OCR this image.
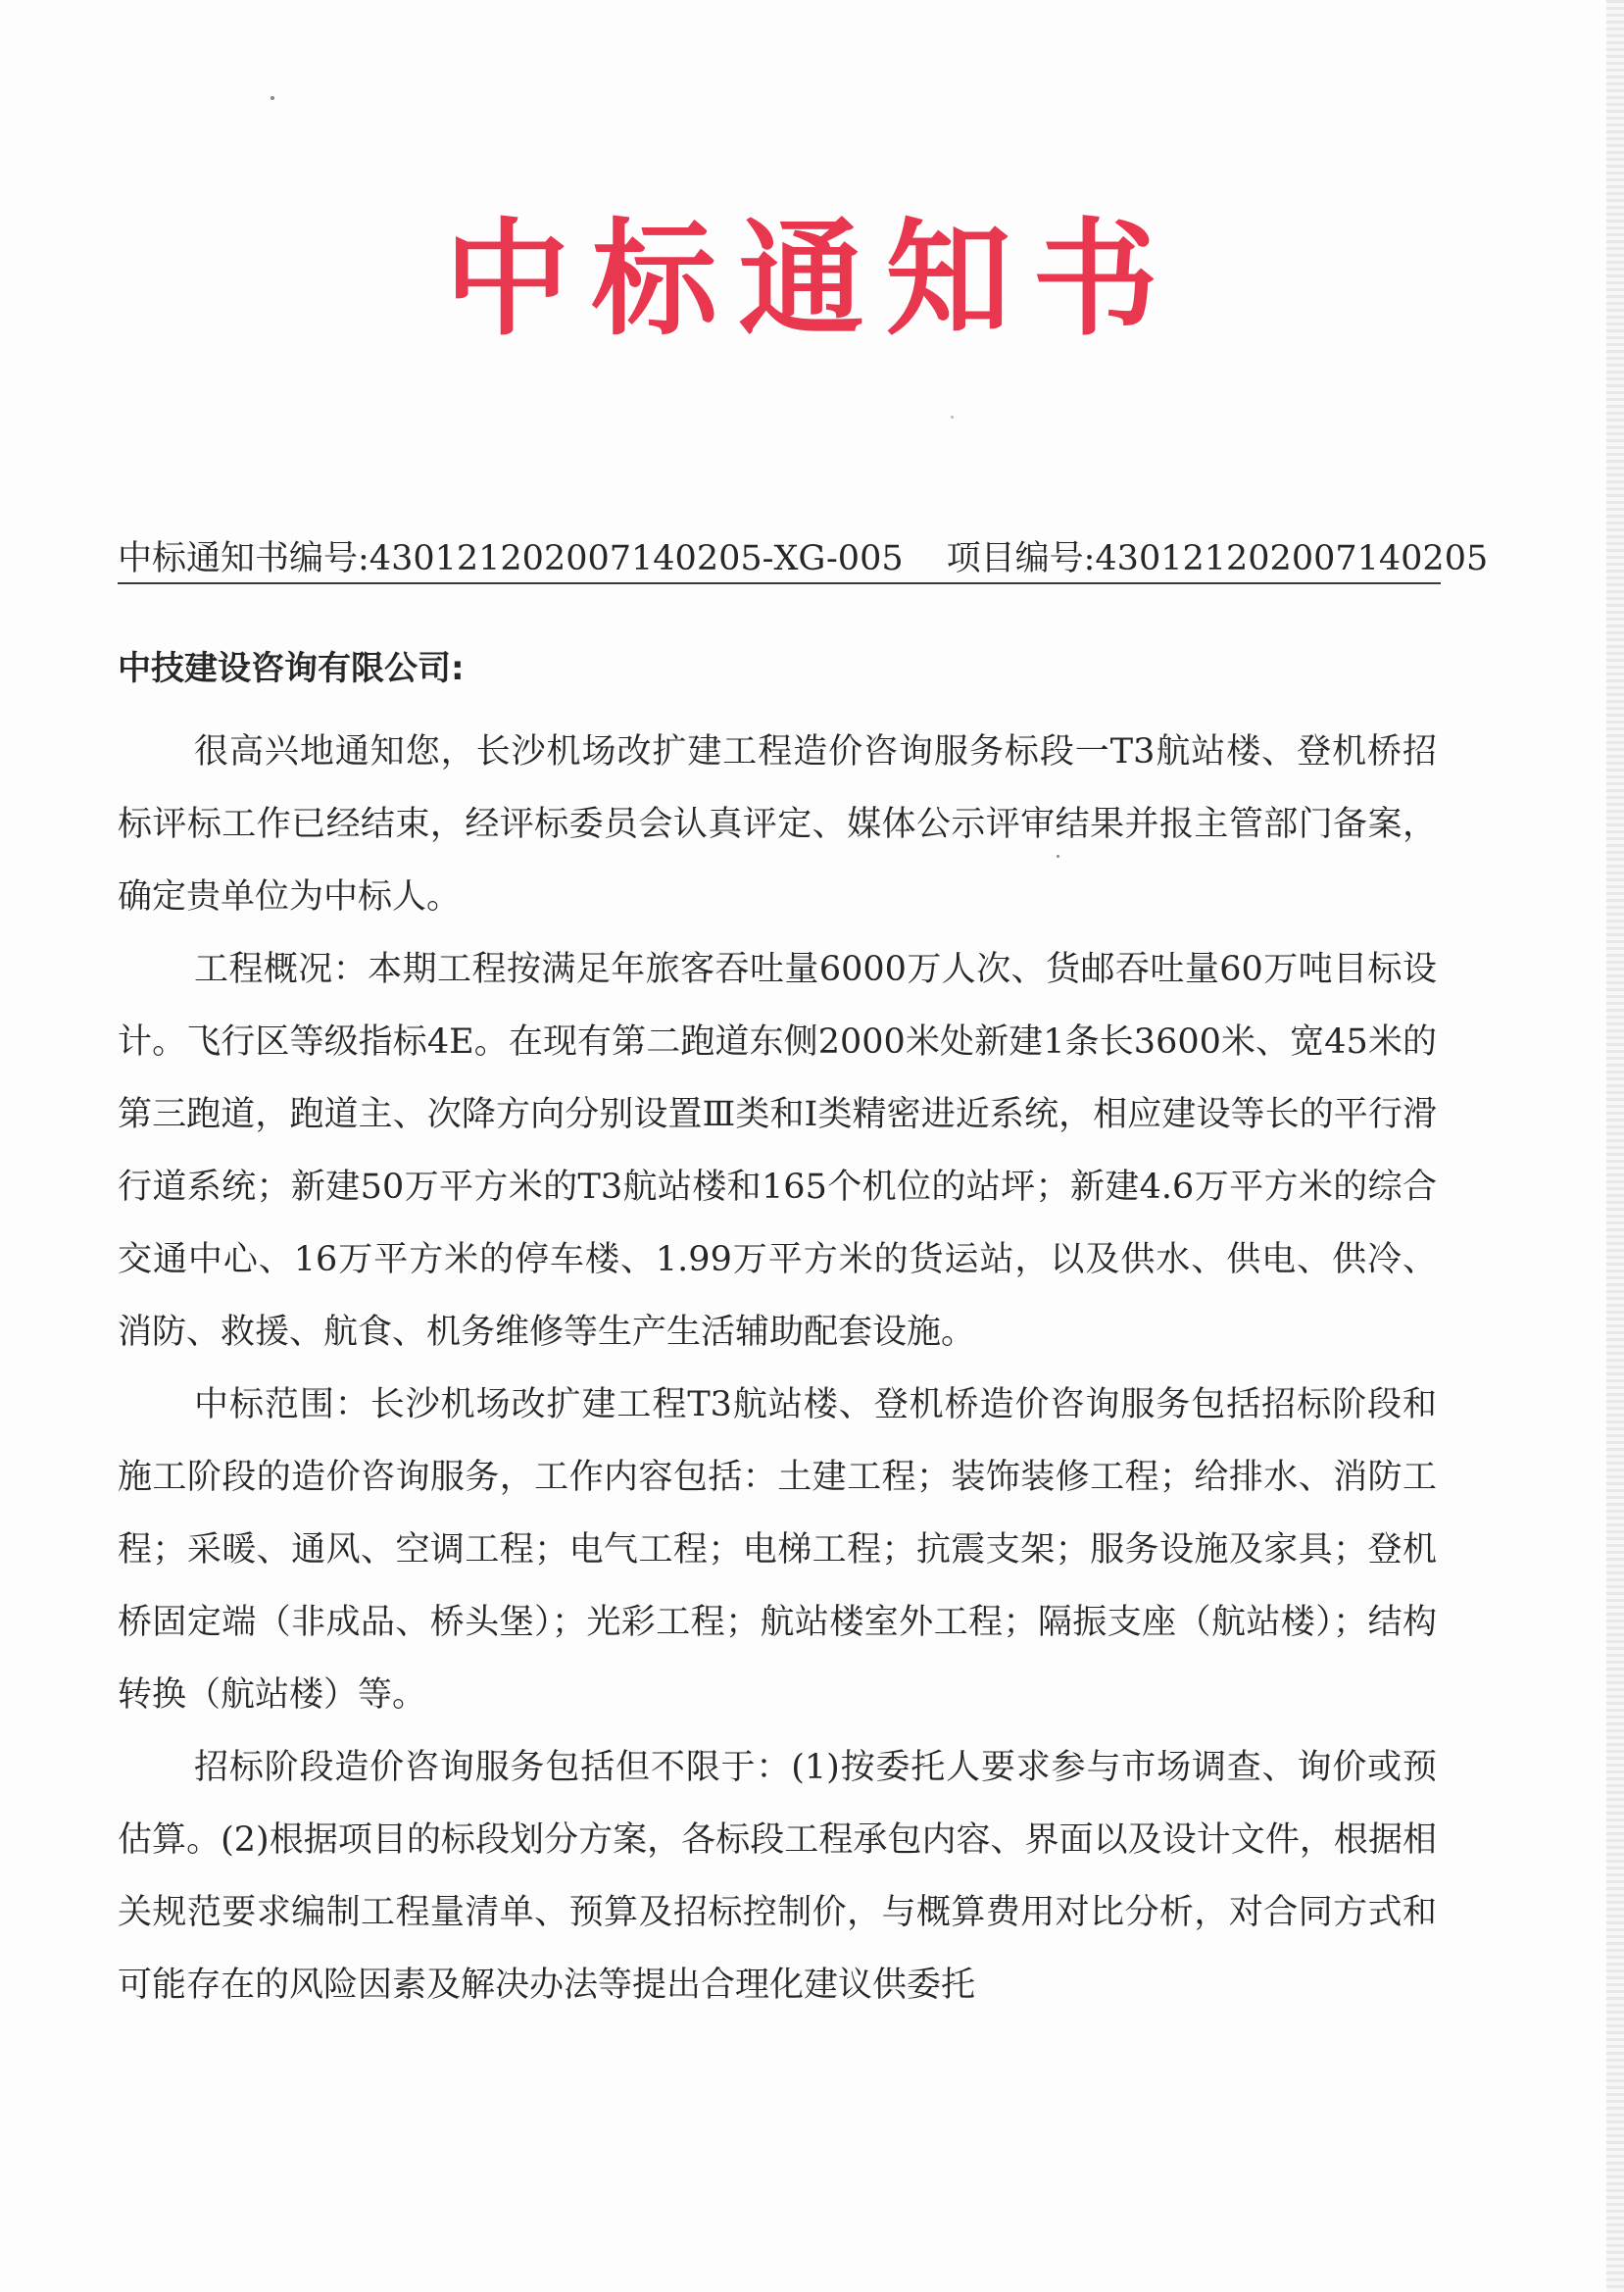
中标通知书
中标通知书编号:430121202007140205-XG-005 项目编号:430121202007140205
中技建设咨询有限公司:

很高兴地通知您，长沙机场改扩建工程造价咨询服务标段一T3航站楼、登机桥招标评标工作已经结束，经评标委员会认真评定、媒体公示评审结果并报主管部门备案，确定贵单位为中标人。

工程概况：本期工程按满足年旅客吞吐量6000万人次、货邮吞吐量60万吨目标设计。飞行区等级指标4E。在现有第二跑道东侧2000米处新建1条长3600米、宽45米的第三跑道，跑道主、次降方向分别设置Ⅲ类和Ⅰ类精密进近系统，相应建设等长的平行滑行道系统；新建50万平方米的T3航站楼和165个机位的站坪；新建4.6万平方米的综合交通中心、16万平方米的停车楼、1.99万平方米的货运站，以及供水、供电、供冷、消防、救援、航食、机务维修等生产生活辅助配套设施。

中标范围：长沙机场改扩建工程T3航站楼、登机桥造价咨询服务包括招标阶段和施工阶段的造价咨询服务，工作内容包括：土建工程；装饰装修工程；给排水、消防工程；采暖、通风、空调工程；电气工程；电梯工程；抗震支架；服务设施及家具；登机桥固定端（非成品、桥头堡）；光彩工程；航站楼室外工程；隔振支座（航站楼）；结构转换（航站楼）等。

招标阶段造价咨询服务包括但不限于：(1)按委托人要求参与市场调查、询价或预估算。(2)根据项目的标段划分方案，各标段工程承包内容、界面以及设计文件，根据相关规范要求编制工程量清单、预算及招标控制价，与概算费用对比分析，对合同方式和可能存在的风险因素及解决办法等提出合理化建议供委托
